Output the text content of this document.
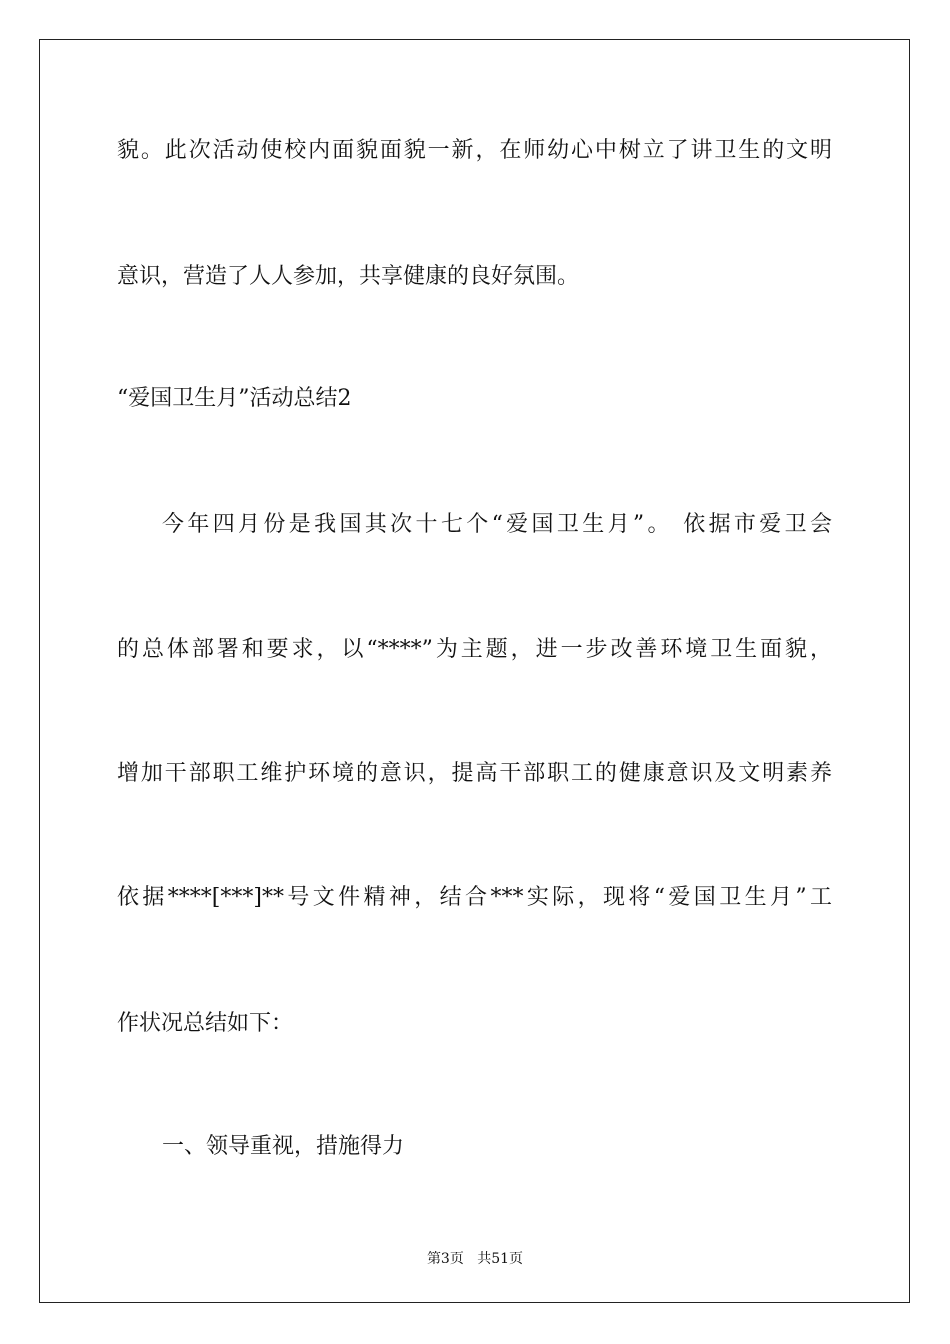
貌。此次活动使校内面貌面貌一新，在师幼心中树立了讲卫生的文明
意识，营造了人人参加，共享健康的良好氛围。
“爱国卫生月”活动总结2
今年四月份是我国其次十七个“爱国卫生月”。 依据市爱卫会
的总体部署和要求，以“****”为主题，进一步改善环境卫生面貌，
增加干部职工维护环境的意识，提高干部职工的健康意识及文明素养
依据****[***]**号文件精神，结合***实际，现将“爱国卫生月”工
作状况总结如下：
一、领导重视，措施得力
第3页 共51页
